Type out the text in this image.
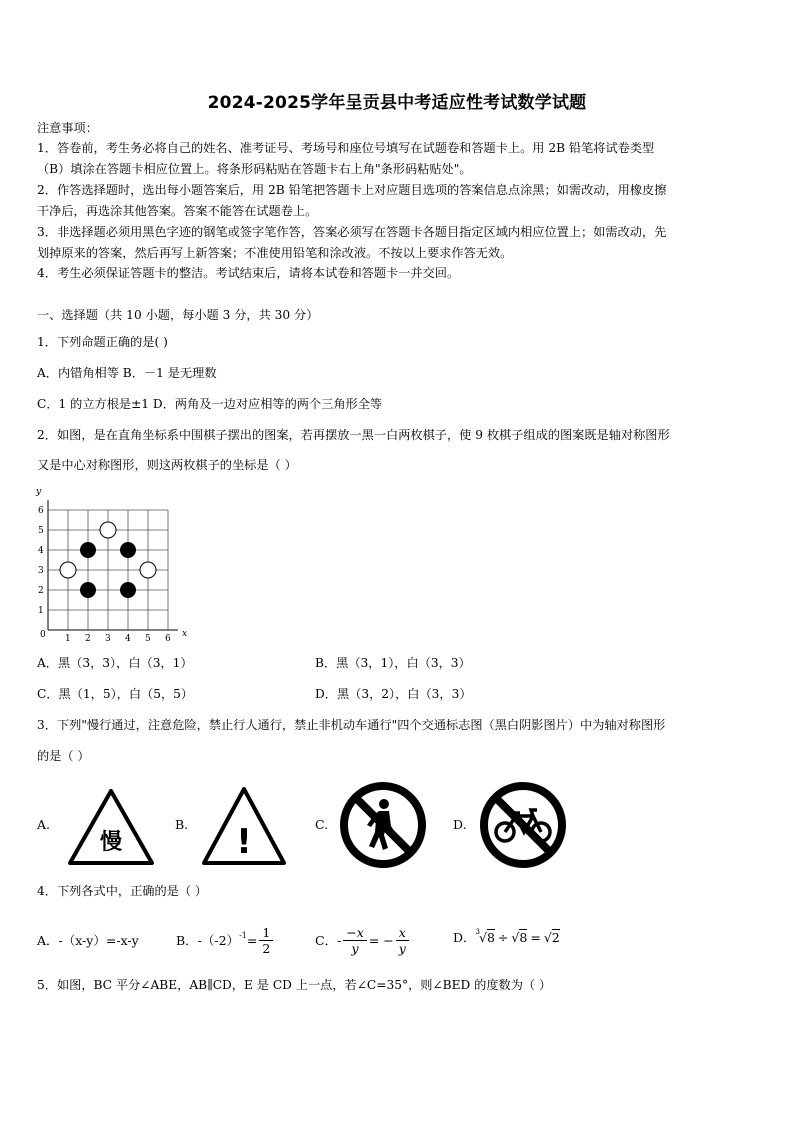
2024-2025学年呈贡县中考适应性考试数学试题
注意事项：
1．答卷前，考生务必将自己的姓名、准考证号、考场号和座位号填写在试题卷和答题卡上。用 2B 铅笔将试卷类型
（B）填涂在答题卡相应位置上。将条形码粘贴在答题卡右上角"条形码粘贴处"。
2．作答选择题时，选出每小题答案后，用 2B 铅笔把答题卡上对应题目选项的答案信息点涂黑；如需改动，用橡皮擦
干净后，再选涂其他答案。答案不能答在试题卷上。
3．非选择题必须用黑色字迹的钢笔或签字笔作答，答案必须写在答题卡各题目指定区域内相应位置上；如需改动，先
划掉原来的答案，然后再写上新答案；不准使用铅笔和涂改液。不按以上要求作答无效。
4．考生必须保证答题卡的整洁。考试结束后，请将本试卷和答题卡一并交回。
一、选择题（共 10 小题，每小题 3 分，共 30 分）
1．下列命题正确的是( )
A．内错角相等 B．－1 是无理数
C．1 的立方根是±1 D．两角及一边对应相等的两个三角形全等
2．如图，是在直角坐标系中围棋子摆出的图案，若再摆放一黑一白两枚棋子，使 9 枚棋子组成的图案既是轴对称图形
又是中心对称图形，则这两枚棋子的坐标是（ ）
1 2 3 4 5 6
1
2
3
4
5
6
y
x
0
A．黑（3，3），白（3，1）	B．黑（3，1），白（3，3）
C．黑（1，5），白（5，5）	D．黑（3，2），白（3，3）
3．下列"慢行通过，注意危险，禁止行人通行，禁止非机动车通行"四个交通标志图（黑白阴影图片）中为轴对称图形
的是（ ）
A.
慢
B. !	C.	D.
4．下列各式中，正确的是（ ）
A．-（x-y）=-x-y	B．$-(-2)^{-1} = \frac{1}{2}$	C．- $\frac{-x}{y}$ = − $\frac{x}{y}$	D．$^3$ √ 8 ÷ √ 8 = √ 2
5．如图，BC 平分∠ABE，AB∥CD，E 是 CD 上一点，若∠C=35°，则∠BED 的度数为（ ）
